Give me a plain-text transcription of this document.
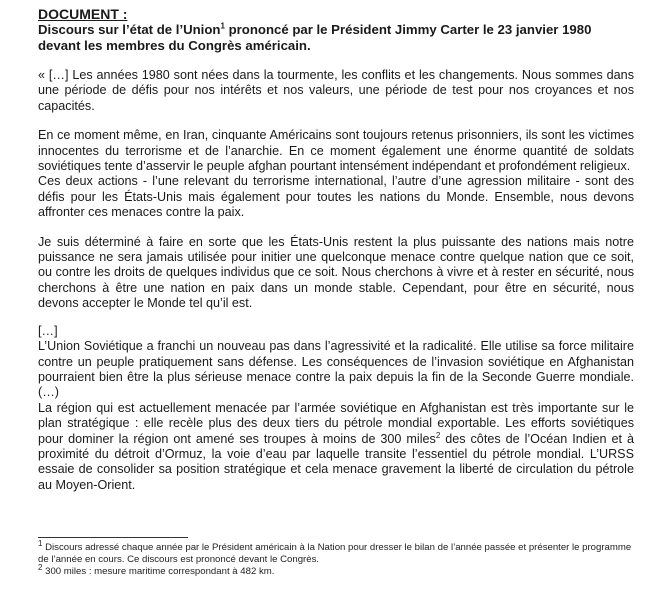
DOCUMENT :

Discours sur l’état de l’Union$^1$ prononcé par le Président Jimmy Carter le 23 janvier 1980 devant les membres du Congrès américain.

« […] Les années 1980 sont nées dans la tourmente, les conflits et les changements. Nous sommes dans une période de défis pour nos intérêts et nos valeurs, une période de test pour nos croyances et nos capacités.

En ce moment même, en Iran, cinquante Américains sont toujours retenus prisonniers, ils sont les victimes innocentes du terrorisme et de l’anarchie. En ce moment également une énorme quantité de soldats soviétiques tente d’asservir le peuple afghan pourtant intensément indépendant et profondément religieux.

Ces deux actions - l’une relevant du terrorisme international, l’autre d’une agression militaire - sont des défis pour les États-Unis mais également pour toutes les nations du Monde. Ensemble, nous devons affronter ces menaces contre la paix.

Je suis déterminé à faire en sorte que les États-Unis restent la plus puissante des nations mais notre puissance ne sera jamais utilisée pour initier une quelconque menace contre quelque nation que ce soit, ou contre les droits de quelques individus que ce soit. Nous cherchons à vivre et à rester en sécurité, nous cherchons à être une nation en paix dans un monde stable. Cependant, pour être en sécurité, nous devons accepter le Monde tel qu’il est.

[…]

L’Union Soviétique a franchi un nouveau pas dans l’agressivité et la radicalité. Elle utilise sa force militaire contre un peuple pratiquement sans défense. Les conséquences de l’invasion soviétique en Afghanistan pourraient bien être la plus sérieuse menace contre la paix depuis la fin de la Seconde Guerre mondiale. (…)

La région qui est actuellement menacée par l’armée soviétique en Afghanistan est très importante sur le plan stratégique : elle recèle plus des deux tiers du pétrole mondial exportable. Les efforts soviétiques pour dominer la région ont amené ses troupes à moins de 300 miles$^2$ des côtes de l’Océan Indien et à proximité du détroit d’Ormuz, la voie d’eau par laquelle transite l’essentiel du pétrole mondial. L’URSS essaie de consolider sa position stratégique et cela menace gravement la liberté de circulation du pétrole au Moyen-Orient.

$^1$ Discours adressé chaque année par le Président américain à la Nation pour dresser le bilan de l’année passée et présenter le programme de l’année en cours. Ce discours est prononcé devant le Congrès.

$^2$ 300 miles : mesure maritime correspondant à 482 km.
